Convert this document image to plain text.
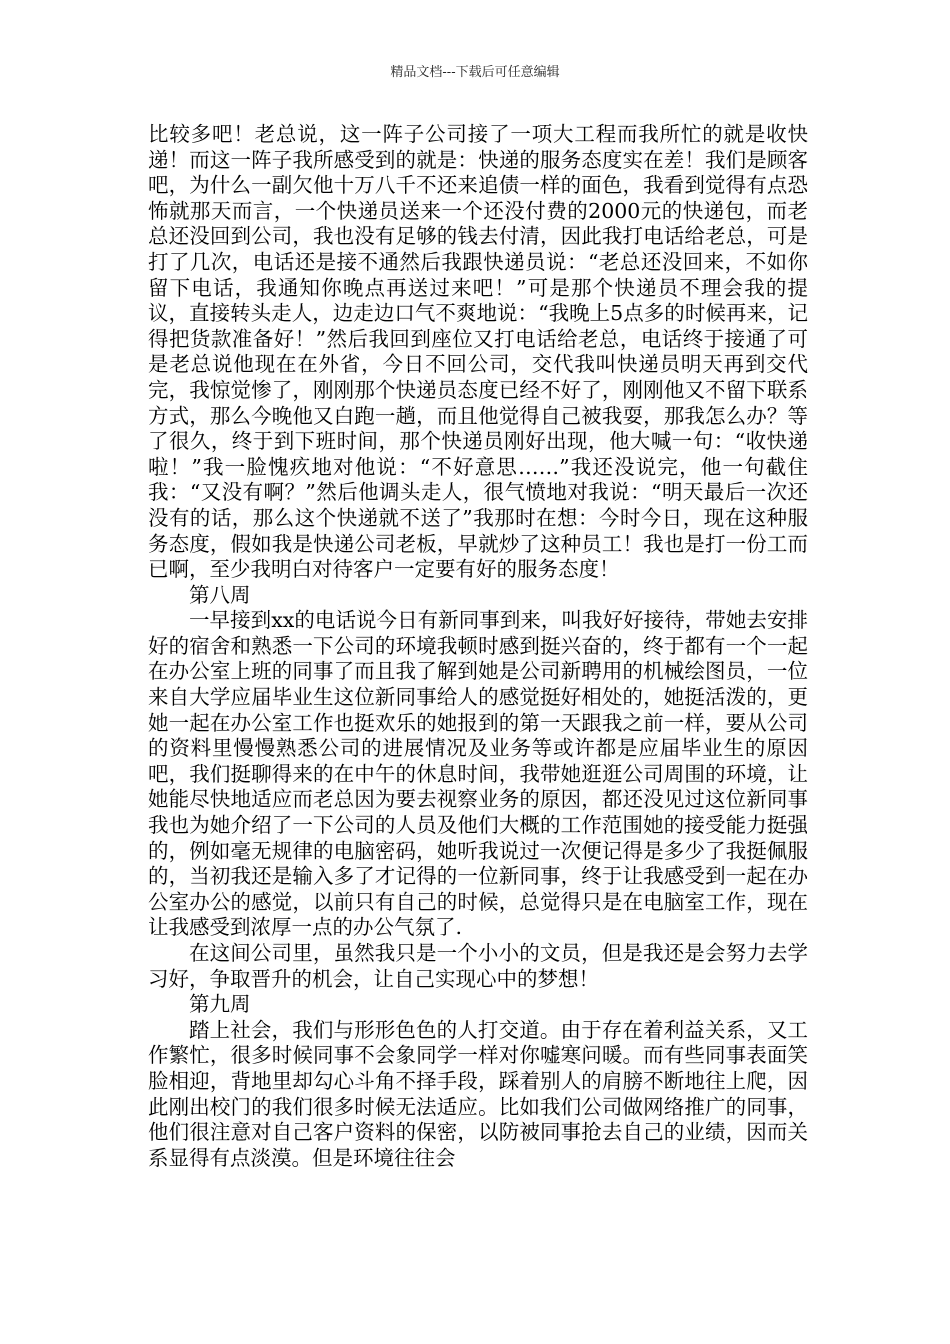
精品文档---下载后可任意编辑

比较多吧！老总说，这一阵子公司接了一项大工程而我所忙的就是收快递！而这一阵子我所感受到的就是：快递的服务态度实在差！我们是顾客吧，为什么一副欠他十万八千不还来追债一样的面色，我看到觉得有点恐怖就那天而言，一个快递员送来一个还没付费的2000元的快递包，而老总还没回到公司，我也没有足够的钱去付清，因此我打电话给老总，可是打了几次，电话还是接不通然后我跟快递员说：“老总还没回来，不如你留下电话，我通知你晚点再送过来吧！”可是那个快递员不理会我的提议，直接转头走人，边走边口气不爽地说：“我晚上5点多的时候再来，记得把货款准备好！”然后我回到座位又打电话给老总，电话终于接通了可是老总说他现在在外省，今日不回公司，交代我叫快递员明天再到交代完，我惊觉惨了，刚刚那个快递员态度已经不好了，刚刚他又不留下联系方式，那么今晚他又白跑一趟，而且他觉得自己被我耍，那我怎么办？等了很久，终于到下班时间，那个快递员刚好出现，他大喊一句：“收快递啦！”我一脸愧疚地对他说：“不好意思……”我还没说完，他一句截住我：“又没有啊？”然后他调头走人，很气愤地对我说：“明天最后一次还没有的话，那么这个快递就不送了”我那时在想：今时今日，现在这种服务态度，假如我是快递公司老板，早就炒了这种员工！我也是打一份工而已啊，至少我明白对待客户一定要有好的服务态度！

第八周

一早接到xx的电话说今日有新同事到来，叫我好好接待，带她去安排好的宿舍和熟悉一下公司的环境我顿时感到挺兴奋的，终于都有一个一起在办公室上班的同事了而且我了解到她是公司新聘用的机械绘图员，一位来自大学应届毕业生这位新同事给人的感觉挺好相处的，她挺活泼的，更她一起在办公室工作也挺欢乐的她报到的第一天跟我之前一样，要从公司的资料里慢慢熟悉公司的进展情况及业务等或许都是应届毕业生的原因吧，我们挺聊得来的在中午的休息时间，我带她逛逛公司周围的环境，让她能尽快地适应而老总因为要去视察业务的原因，都还没见过这位新同事我也为她介绍了一下公司的人员及他们大概的工作范围她的接受能力挺强的，例如毫无规律的电脑密码，她听我说过一次便记得是多少了我挺佩服的，当初我还是输入多了才记得的一位新同事，终于让我感受到一起在办公室办公的感觉，以前只有自己的时候，总觉得只是在电脑室工作，现在让我感受到浓厚一点的办公气氛了.

在这间公司里，虽然我只是一个小小的文员，但是我还是会努力去学习好，争取晋升的机会，让自己实现心中的梦想！

第九周

踏上社会，我们与形形色色的人打交道。由于存在着利益关系，又工作繁忙，很多时候同事不会象同学一样对你嘘寒问暖。而有些同事表面笑脸相迎，背地里却勾心斗角不择手段，踩着别人的肩膀不断地往上爬，因此刚出校门的我们很多时候无法适应。比如我们公司做网络推广的同事，他们很注意对自己客户资料的保密，以防被同事抢去自己的业绩，因而关系显得有点淡漠。但是环境往往会
